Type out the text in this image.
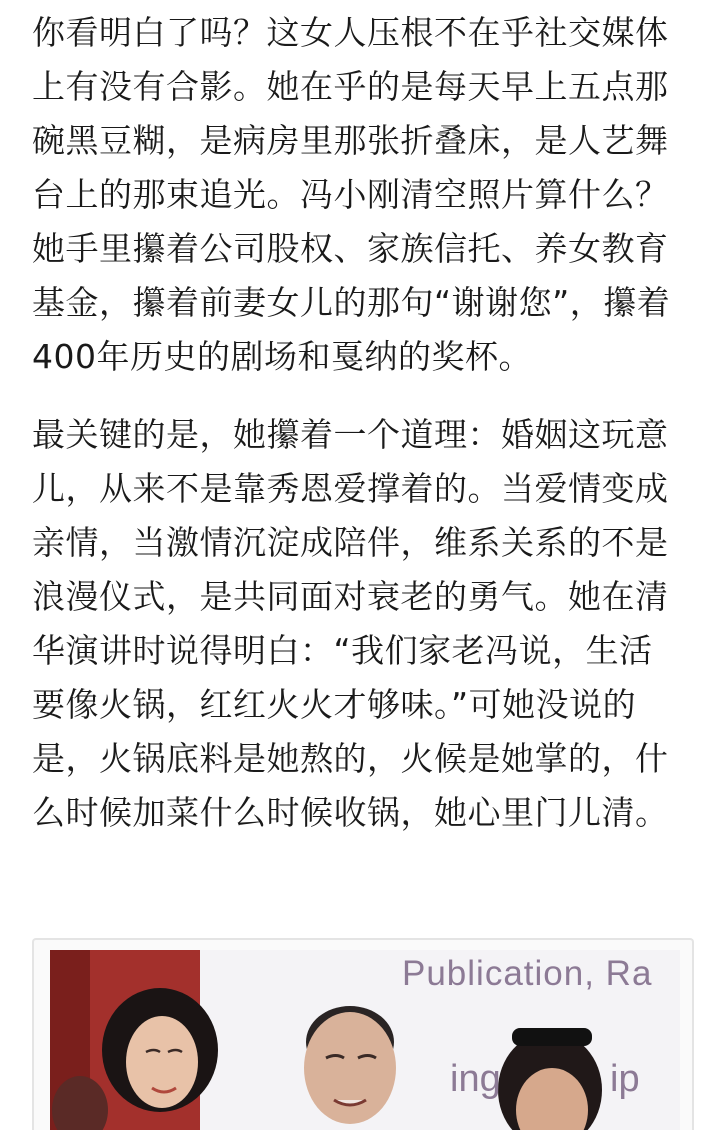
你看明白了吗？这女人压根不在乎社交媒体
上有没有合影。她在乎的是每天早上五点那
碗黑豆糊，是病房里那张折叠床，是人艺舞
台上的那束追光。冯小刚清空照片算什么？
她手里攥着公司股权、家族信托、养女教育
基金，攥着前妻女儿的那句“谢谢您”，攥着
400年历史的剧场和戛纳的奖杯。
最关键的是，她攥着一个道理：婚姻这玩意
儿，从来不是靠秀恩爱撑着的。当爱情变成
亲情，当激情沉淀成陪伴，维系关系的不是
浪漫仪式，是共同面对衰老的勇气。她在清
华演讲时说得明白：“我们家老冯说，生活
要像火锅，红红火火才够味。”可她没说的
是，火锅底料是她熬的，火候是她掌的，什
么时候加菜什么时候收锅，她心里门儿清。
Publication, Ra
ing	ip
